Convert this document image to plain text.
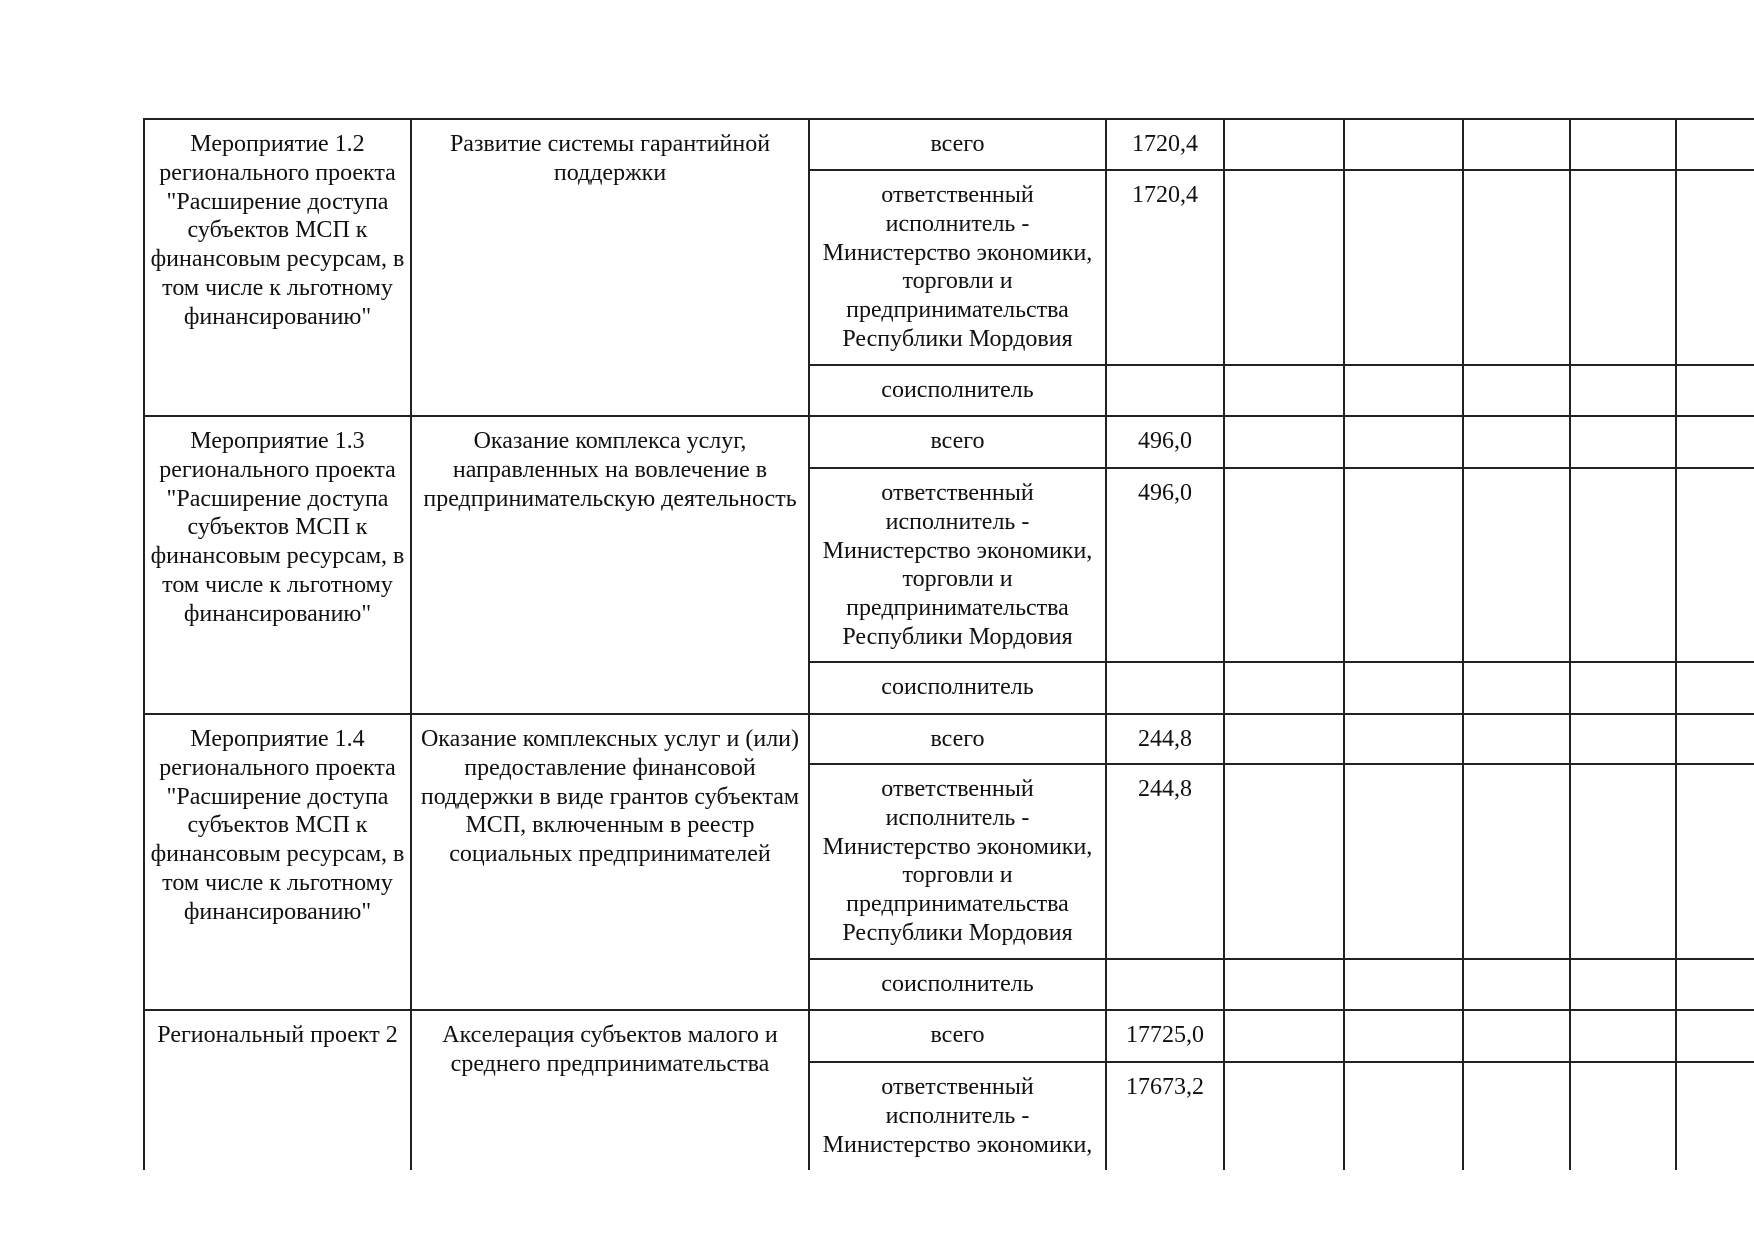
Мероприятие 1.2 регионального проекта "Расширение доступа субъектов МСП к финансовым ресурсам, в том числе к льготному финансированию"	Развитие системы гарантийной поддержки	всего	1720,4					
		ответственный исполнитель - Министерство экономики, торговли и предпринимательства Республики Мордовия	1720,4					
		соисполнитель						
Мероприятие 1.3 регионального проекта "Расширение доступа субъектов МСП к финансовым ресурсам, в том числе к льготному финансированию"	Оказание комплекса услуг, направленных на вовлечение в предпринимательскую деятельность	всего	496,0					
		ответственный исполнитель - Министерство экономики, торговли и предпринимательства Республики Мордовия	496,0					
		соисполнитель						
Мероприятие 1.4 регионального проекта "Расширение доступа субъектов МСП к финансовым ресурсам, в том числе к льготному финансированию"	Оказание комплексных услуг и (или) предоставление финансовой поддержки в виде грантов субъектам МСП, включенным в реестр социальных предпринимателей	всего	244,8					
		ответственный исполнитель - Министерство экономики, торговли и предпринимательства Республики Мордовия	244,8					
		соисполнитель						
Региональный проект 2	Акселерация субъектов малого и среднего предпринимательства	всего	17725,0					
		ответственный исполнитель - Министерство экономики,	17673,2					
